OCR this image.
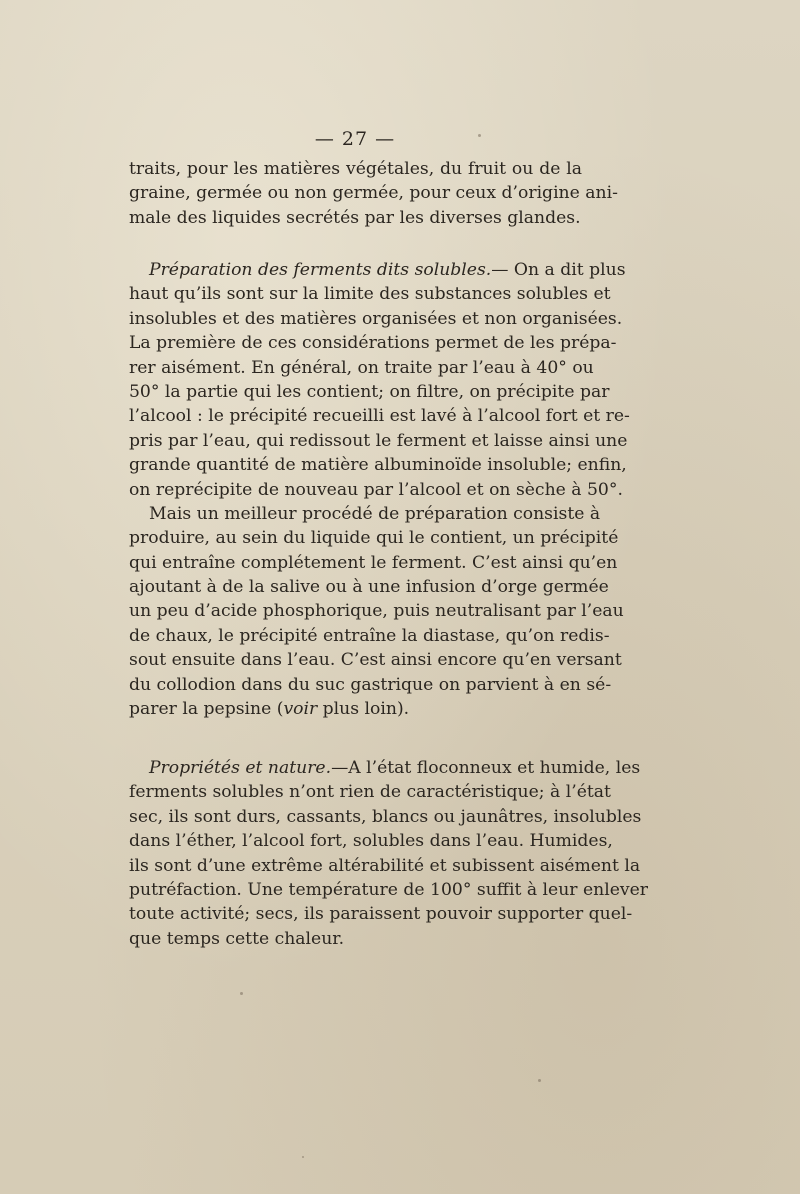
— 27 —
traits, pour les matières végétales, du fruit ou de la
graine, germée ou non germée, pour ceux d’origine ani-
male des liquides secrétés par les diverses glandes.
Préparation des ferments dits solubles.— On a dit plus
haut qu’ils sont sur la limite des substances solubles et
insolubles et des matières organisées et non organisées.
La première de ces considérations permet de les prépa-
rer aisément. En général, on traite par l’eau à 40° ou
50° la partie qui les contient; on filtre, on précipite par
l’alcool : le précipité recueilli est lavé à l’alcool fort et re-
pris par l’eau, qui redissout le ferment et laisse ainsi une
grande quantité de matière albuminoïde insoluble; enfin,
on reprécipite de nouveau par l’alcool et on sèche à 50°.
Mais un meilleur procédé de préparation consiste à
produire, au sein du liquide qui le contient, un précipité
qui entraîne complétement le ferment. C’est ainsi qu’en
ajoutant à de la salive ou à une infusion d’orge germée
un peu d’acide phosphorique, puis neutralisant par l’eau
de chaux, le précipité entraîne la diastase, qu’on redis-
sout ensuite dans l’eau. C’est ainsi encore qu’en versant
du collodion dans du suc gastrique on parvient à en sé-
parer la pepsine (voir plus loin).
Propriétés et nature.—A l’état floconneux et humide, les
ferments solubles n’ont rien de caractéristique; à l’état
sec, ils sont durs, cassants, blancs ou jaunâtres, insolubles
dans l’éther, l’alcool fort, solubles dans l’eau. Humides,
ils sont d’une extrême altérabilité et subissent aisément la
putréfaction. Une température de 100° suffit à leur enlever
toute activité; secs, ils paraissent pouvoir supporter quel-
que temps cette chaleur.
